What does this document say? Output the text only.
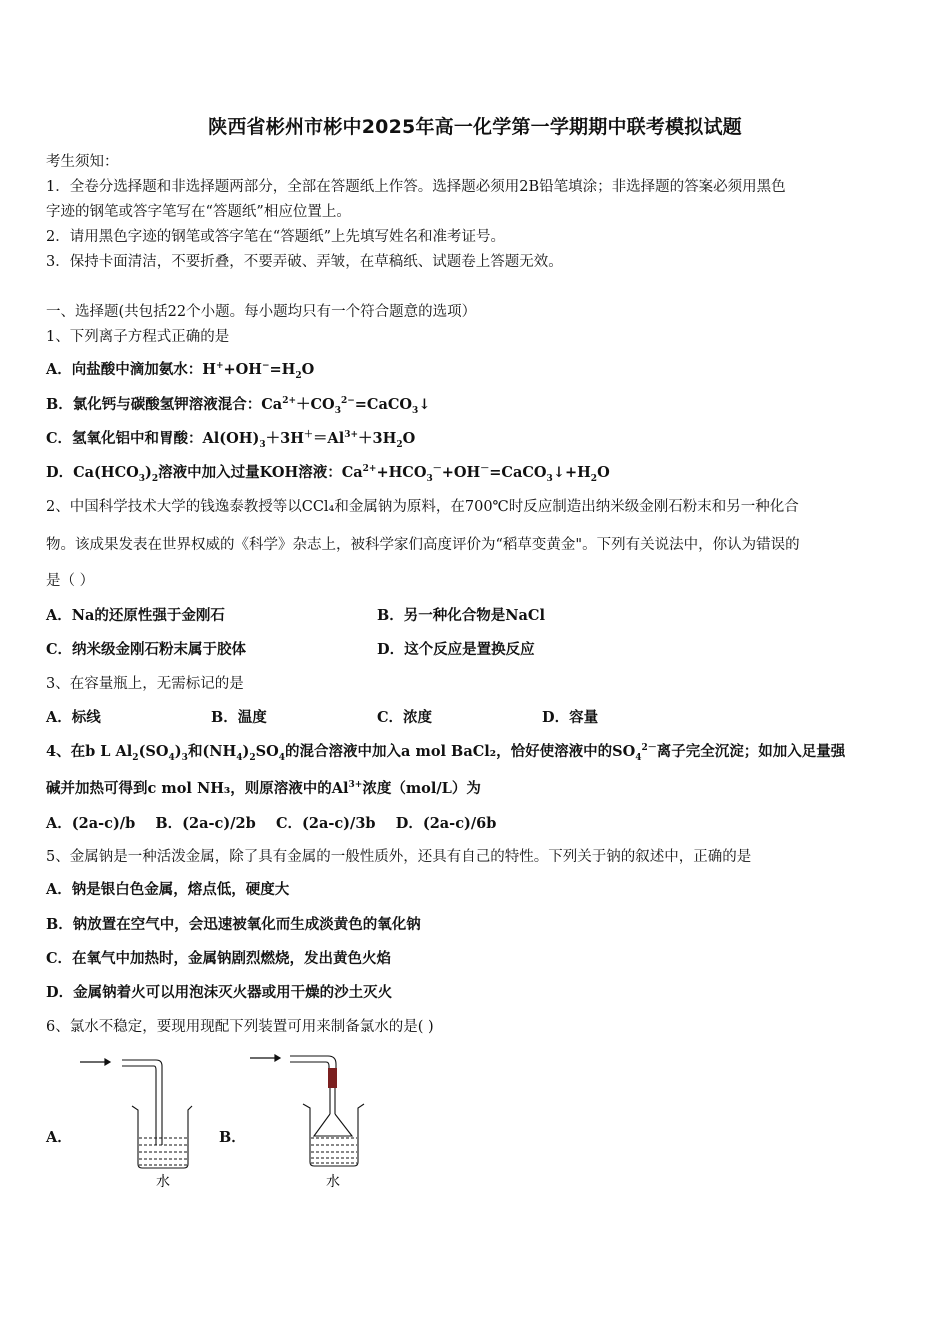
陕西省彬州市彬中2025年高一化学第一学期期中联考模拟试题
考生须知：
1．全卷分选择题和非选择题两部分，全部在答题纸上作答。选择题必须用2B铅笔填涂；非选择题的答案必须用黑色
字迹的钢笔或答字笔写在“答题纸”相应位置上。
2．请用黑色字迹的钢笔或答字笔在“答题纸”上先填写姓名和准考证号。
3．保持卡面清洁，不要折叠，不要弄破、弄皱，在草稿纸、试题卷上答题无效。
一、选择题(共包括22个小题。每小题均只有一个符合题意的选项）
1、下列离子方程式正确的是
A．向盐酸中滴加氨水：$H^++OH^-=H_2O$
B．氯化钙与碳酸氢钾溶液混合：$Ca^{2+}+CO_3^{2-}=CaCO_3↓$
C．氢氧化铝中和胃酸：$Al(OH)_3+3H^+=Al^{3+}+3H_2O$
D．$Ca(HCO_3)_2$溶液中加入过量KOH溶液：$Ca^{2+}+HCO_3^-+OH^-=CaCO_3↓+H_2O$
2、中国科学技术大学的钱逸泰教授等以CCl₄和金属钠为原料，在700℃时反应制造出纳米级金刚石粉末和另一种化合
物。该成果发表在世界权威的《科学》杂志上，被科学家们高度评价为“稻草变黄金"。下列有关说法中，你认为错误的
是（ ）
A．Na的还原性强于金刚石	B．另一种化合物是NaCl
C．纳米级金刚石粉末属于胶体	D．这个反应是置换反应
3、在容量瓶上，无需标记的是
A．标线	B．温度	C．浓度	D．容量
4、在b L $Al_2(SO_4)_3$和$(NH_4)_2SO_4$的混合溶液中加入a mol BaCl₂，恰好使溶液中的$SO_4^{2-}$离子完全沉淀；如加入足量强
碱并加热可得到c mol NH₃，则原溶液中的$Al^{3+}$浓度（mol/L）为
A．(2a-c)/b    B．(2a-c)/2b    C．(2a-c)/3b    D．(2a-c)/6b
5、金属钠是一种活泼金属，除了具有金属的一般性质外，还具有自己的特性。下列关于钠的叙述中，正确的是
A．钠是银白色金属，熔点低，硬度大
B．钠放置在空气中，会迅速被氧化而生成淡黄色的氧化钠
C．在氧气中加热时，金属钠剧烈燃烧，发出黄色火焰
D．金属钠着火可以用泡沫灭火器或用干燥的沙土灭火
6、氯水不稳定，要现用现配下列装置可用来制备氯水的是( )
A．	B．
水	水
